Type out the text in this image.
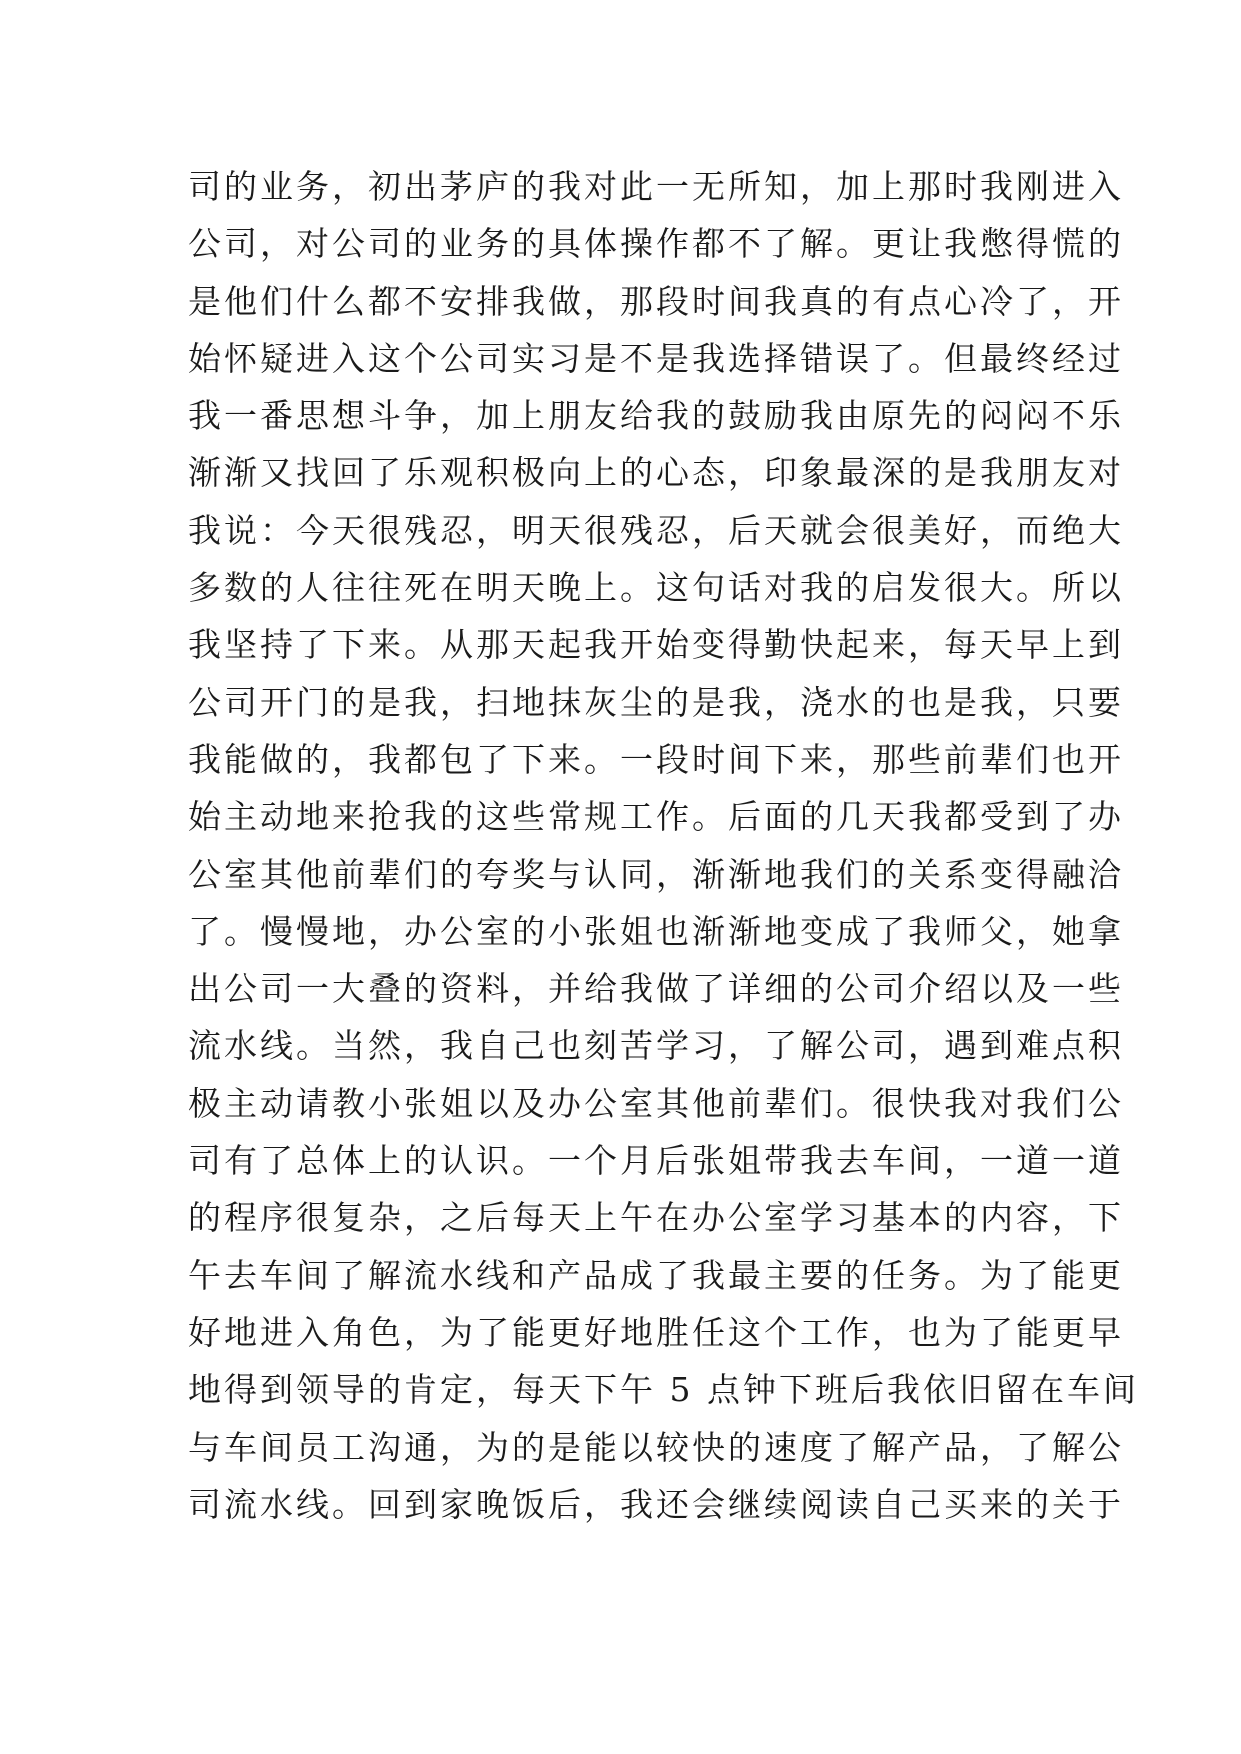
司的业务，初出茅庐的我对此一无所知，加上那时我刚进入
公司，对公司的业务的具体操作都不了解。更让我憋得慌的
是他们什么都不安排我做，那段时间我真的有点心冷了，开
始怀疑进入这个公司实习是不是我选择错误了。但最终经过
我一番思想斗争，加上朋友给我的鼓励我由原先的闷闷不乐
渐渐又找回了乐观积极向上的心态，印象最深的是我朋友对
我说：今天很残忍，明天很残忍，后天就会很美好，而绝大
多数的人往往死在明天晚上。这句话对我的启发很大。所以
我坚持了下来。从那天起我开始变得勤快起来，每天早上到
公司开门的是我，扫地抹灰尘的是我，浇水的也是我，只要
我能做的，我都包了下来。一段时间下来，那些前辈们也开
始主动地来抢我的这些常规工作。后面的几天我都受到了办
公室其他前辈们的夸奖与认同，渐渐地我们的关系变得融洽
了。慢慢地，办公室的小张姐也渐渐地变成了我师父，她拿
出公司一大叠的资料，并给我做了详细的公司介绍以及一些
流水线。当然，我自己也刻苦学习，了解公司，遇到难点积
极主动请教小张姐以及办公室其他前辈们。很快我对我们公
司有了总体上的认识。一个月后张姐带我去车间，一道一道
的程序很复杂，之后每天上午在办公室学习基本的内容，下
午去车间了解流水线和产品成了我最主要的任务。为了能更
好地进入角色，为了能更好地胜任这个工作，也为了能更早
地得到领导的肯定，每天下午 5 点钟下班后我依旧留在车间
与车间员工沟通，为的是能以较快的速度了解产品，了解公
司流水线。回到家晚饭后，我还会继续阅读自己买来的关于
